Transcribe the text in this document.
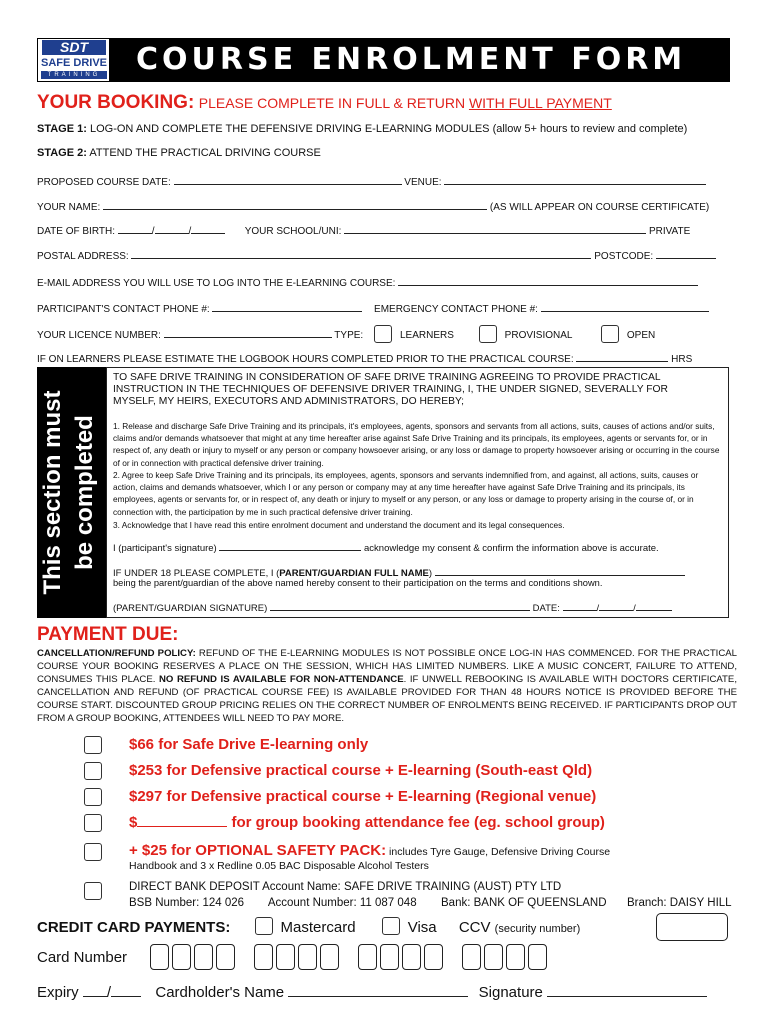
SDT
SAFE DRIVE
TRAINING COURSE ENROLMENT FORM
YOUR BOOKING: PLEASE COMPLETE IN FULL & RETURN WITH FULL PAYMENT
STAGE 1: LOG-ON AND COMPLETE THE DEFENSIVE DRIVING E-LEARNING MODULES (allow 5+ hours to review and complete)
STAGE 2: ATTEND THE PRACTICAL DRIVING COURSE
PROPOSED COURSE DATE:	VENUE:
YOUR NAME:	(AS WILL APPEAR ON COURSE CERTIFICATE)
DATE OF BIRTH:	/	/	YOUR SCHOOL/UNI:	PRIVATE
POSTAL ADDRESS:	POSTCODE:
E-MAIL ADDRESS YOU WILL USE TO LOG INTO THE E-LEARNING COURSE:
PARTICIPANT'S CONTACT PHONE #:	EMERGENCY CONTACT PHONE #:
YOUR LICENCE NUMBER:	TYPE:	LEARNERS	PROVISIONAL	OPEN
IF ON LEARNERS PLEASE ESTIMATE THE LOGBOOK HOURS COMPLETED PRIOR TO THE PRACTICAL COURSE:	HRS
This section must be completed
TO SAFE DRIVE TRAINING IN CONSIDERATION OF SAFE DRIVE TRAINING AGREEING TO PROVIDE PRACTICAL INSTRUCTION IN THE TECHNIQUES OF DEFENSIVE DRIVER TRAINING, I, THE UNDER SIGNED, SEVERALLY FOR MYSELF, MY HEIRS, EXECUTORS AND ADMINISTRATORS, DO HEREBY;
1. Release and discharge Safe Drive Training and its principals, it's employees, agents, sponsors and servants from all actions, suits, causes of actions and/or suits, claims and/or demands whatsoever that might at any time hereafter arise against Safe Drive Training and its principals, its employees, agents or servants for, or in respect of, any death or injury to myself or any person or company howsoever arising, or any loss or damage to property howsoever arising or occurring in the course of or in connection with practical defensive driver training.
2. Agree to keep Safe Drive Training and its principals, its employees, agents, sponsors and servants indemnified from, and against, all actions, suits, causes or action, claims and demands whatsoever, which I or any person or company may at any time hereafter have against Safe Drive Training and its principals, its employees, agents or servants for, or in respect of, any death or injury to myself or any person, or any loss or damage to property arising in the course of, or in connection with, the participation by me in such practical defensive driver training.
3. Acknowledge that I have read this entire enrolment document and understand the document and its legal consequences.
I (participant's signature)	acknowledge my consent & confirm the information above is accurate.
IF UNDER 18 PLEASE COMPLETE, I (PARENT/GUARDIAN FULL NAME)
being the parent/guardian of the above named hereby consent to their participation on the terms and conditions shown.
(PARENT/GUARDIAN SIGNATURE)	DATE:	/	/
PAYMENT DUE:
CANCELLATION/REFUND POLICY: REFUND OF THE E-LEARNING MODULES IS NOT POSSIBLE ONCE LOG-IN HAS COMMENCED. FOR THE PRACTICAL COURSE YOUR BOOKING RESERVES A PLACE ON THE SESSION, WHICH HAS LIMITED NUMBERS. LIKE A MUSIC CONCERT, FAILURE TO ATTEND, CONSUMES THIS PLACE. NO REFUND IS AVAILABLE FOR NON-ATTENDANCE. IF UNWELL REBOOKING IS AVAILABLE WITH DOCTORS CERTIFICATE, CANCELLATION AND REFUND (OF PRACTICAL COURSE FEE) IS AVAILABLE PROVIDED FOR THAN 48 HOURS NOTICE IS PROVIDED BEFORE THE COURSE START. DISCOUNTED GROUP PRICING RELIES ON THE CORRECT NUMBER OF ENROLMENTS BEING RECEIVED. IF PARTICIPANTS DROP OUT FROM A GROUP BOOKING, ATTENDEES WILL NEED TO PAY MORE.
$66 for Safe Drive E-learning only
$253 for Defensive practical course + E-learning (South-east Qld)
$297 for Defensive practical course + E-learning (Regional venue)
$	for group booking attendance fee (eg. school group)
+ $25 for OPTIONAL SAFETY PACK: includes Tyre Gauge, Defensive Driving Course
Handbook and 3 x Redline 0.05 BAC Disposable Alcohol Testers
DIRECT BANK DEPOSIT Account Name: SAFE DRIVE TRAINING (AUST) PTY LTD
BSB Number: 124 026 Account Number: 11 087 048 Bank: BANK OF QUEENSLAND Branch: DAISY HILL
CREDIT CARD PAYMENTS:	Mastercard	Visa CCV (security number)
Card Number
Expiry /	Cardholder's Name	Signature
